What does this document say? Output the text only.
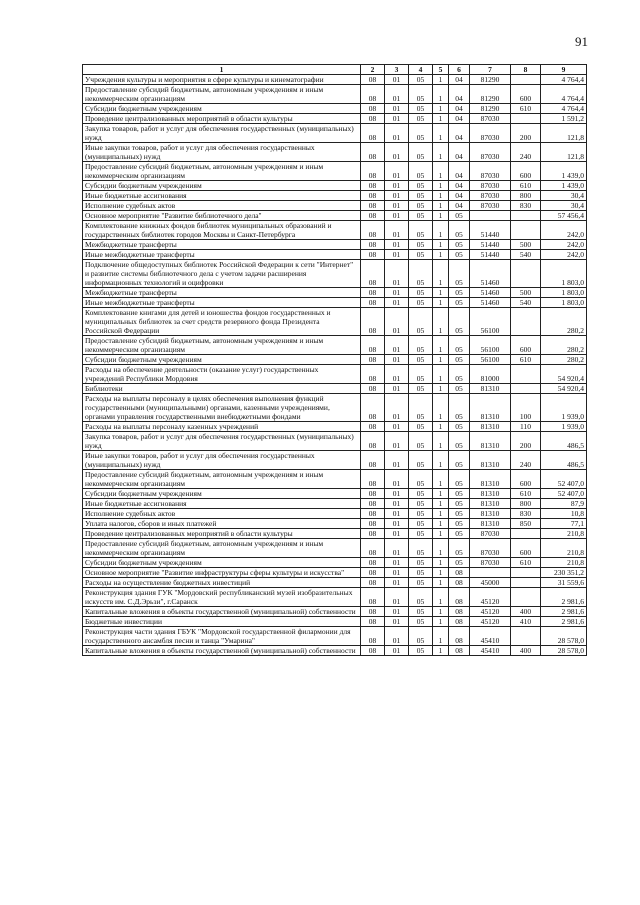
91
1	2	3	4	5	6	7	8	9
Учреждения культуры и мероприятия в сфере культуры и кинематографии	08	01	05	1	04	81290		4 764,4
Предоставление субсидий бюджетным, автономным учреждениям и иным некоммерческим организациям	08	01	05	1	04	81290	600	4 764,4
Субсидии бюджетным учреждениям	08	01	05	1	04	81290	610	4 764,4
Проведение централизованных мероприятий в области культуры	08	01	05	1	04	87030		1 591,2
Закупка товаров, работ и услуг для обеспечения государственных (муниципальных) нужд	08	01	05	1	04	87030	200	121,8
Иные закупки товаров, работ и услуг для обеспечения государственных (муниципальных) нужд	08	01	05	1	04	87030	240	121,8
Предоставление субсидий бюджетным, автономным учреждениям и иным некоммерческим организациям	08	01	05	1	04	87030	600	1 439,0
Субсидии бюджетным учреждениям	08	01	05	1	04	87030	610	1 439,0
Иные бюджетные ассигнования	08	01	05	1	04	87030	800	30,4
Исполнение судебных актов	08	01	05	1	04	87030	830	30,4
Основное мероприятие "Развитие библиотечного дела"	08	01	05	1	05			57 456,4
Комплектование книжных фондов библиотек муниципальных образований и государственных библиотек городов Москвы и Санкт-Петербурга	08	01	05	1	05	51440		242,0
Межбюджетные трансферты	08	01	05	1	05	51440	500	242,0
Иные межбюджетные трансферты	08	01	05	1	05	51440	540	242,0
Подключение общедоступных библиотек Российской Федерации к сети "Интернет" и развитие системы библиотечного дела с учетом задачи расширения информационных технологий и оцифровки	08	01	05	1	05	51460		1 803,0
Межбюджетные трансферты	08	01	05	1	05	51460	500	1 803,0
Иные межбюджетные трансферты	08	01	05	1	05	51460	540	1 803,0
Комплектование книгами для детей и юношества фондов государственных и муниципальных библиотек за счет средств резервного фонда Президента Российской Федерации	08	01	05	1	05	56100		280,2
Предоставление субсидий бюджетным, автономным учреждениям и иным некоммерческим организациям	08	01	05	1	05	56100	600	280,2
Субсидии бюджетным учреждениям	08	01	05	1	05	56100	610	280,2
Расходы на обеспечение деятельности (оказание услуг) государственных учреждений Республики Мордовия	08	01	05	1	05	81000		54 920,4
Библиотеки	08	01	05	1	05	81310		54 920,4
Расходы на выплаты персоналу в целях обеспечения выполнения функций государственными (муниципальными) органами, казенными учреждениями, органами управления государственными внебюджетными фондами	08	01	05	1	05	81310	100	1 939,0
Расходы на выплаты персоналу казенных учреждений	08	01	05	1	05	81310	110	1 939,0
Закупка товаров, работ и услуг для обеспечения государственных (муниципальных) нужд	08	01	05	1	05	81310	200	486,5
Иные закупки товаров, работ и услуг для обеспечения государственных (муниципальных) нужд	08	01	05	1	05	81310	240	486,5
Предоставление субсидий бюджетным, автономным учреждениям и иным некоммерческим организациям	08	01	05	1	05	81310	600	52 407,0
Субсидии бюджетным учреждениям	08	01	05	1	05	81310	610	52 407,0
Иные бюджетные ассигнования	08	01	05	1	05	81310	800	87,9
Исполнение судебных актов	08	01	05	1	05	81310	830	10,8
Уплата налогов, сборов и иных платежей	08	01	05	1	05	81310	850	77,1
Проведение централизованных мероприятий в области культуры	08	01	05	1	05	87030		210,8
Предоставление субсидий бюджетным, автономным учреждениям и иным некоммерческим организациям	08	01	05	1	05	87030	600	210,8
Субсидии бюджетным учреждениям	08	01	05	1	05	87030	610	210,8
Основное мероприятие "Развитие инфраструктуры сферы культуры и искусства"	08	01	05	1	08			230 351,2
Расходы на осуществление бюджетных инвестиций	08	01	05	1	08	45000		31 559,6
Реконструкция здания ГУК "Мордовский республиканский музей изобразительных искусств им. С.Д.Эрьзи", г.Саранск	08	01	05	1	08	45120		2 981,6
Капитальные вложения в объекты государственной (муниципальной) собственности	08	01	05	1	08	45120	400	2 981,6
Бюджетные инвестиции	08	01	05	1	08	45120	410	2 981,6
Реконструкция части здания ГБУК "Мордовской государственной филармонии для государственного ансамбля песни и танца "Умарина"	08	01	05	1	08	45410		28 578,0
Капитальные вложения в объекты государственной (муниципальной) собственности	08	01	05	1	08	45410	400	28 578,0
